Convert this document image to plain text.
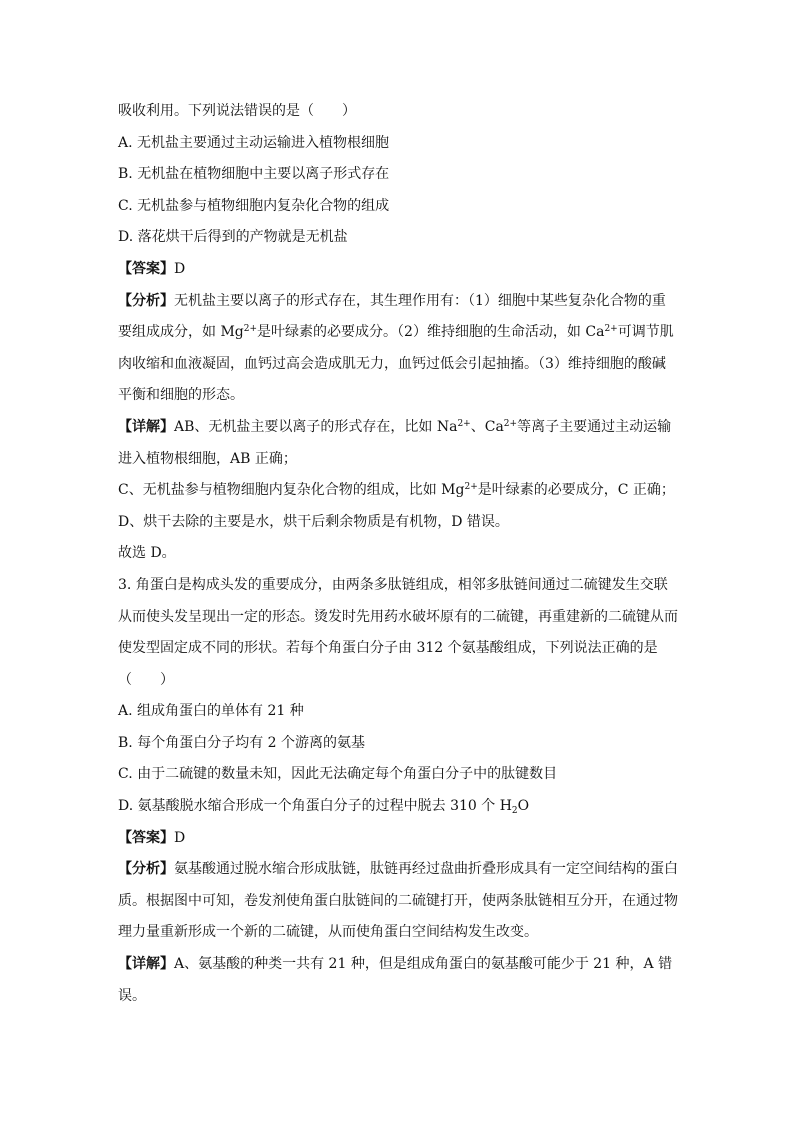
吸收利用。下列说法错误的是（　　）
A. 无机盐主要通过主动运输进入植物根细胞
B. 无机盐在植物细胞中主要以离子形式存在
C. 无机盐参与植物细胞内复杂化合物的组成
D. 落花烘干后得到的产物就是无机盐
【答案】D
【分析】无机盐主要以离子的形式存在，其生理作用有：（1）细胞中某些复杂化合物的重要组成成分，如 $Mg^{2+}$是叶绿素的必要成分。（2）维持细胞的生命活动，如 $Ca^{2+}$可调节肌肉收缩和血液凝固，血钙过高会造成肌无力，血钙过低会引起抽搐。（3）维持细胞的酸碱平衡和细胞的形态。
【详解】AB、无机盐主要以离子的形式存在，比如 $Na^{2+}$、$Ca^{2+}$等离子主要通过主动运输进入植物根细胞，AB 正确；
C、无机盐参与植物细胞内复杂化合物的组成，比如 $Mg^{2+}$是叶绿素的必要成分，C 正确；
D、烘干去除的主要是水，烘干后剩余物质是有机物，D 错误。
故选 D。
3. 角蛋白是构成头发的重要成分，由两条多肽链组成，相邻多肽链间通过二硫键发生交联从而使头发呈现出一定的形态。烫发时先用药水破坏原有的二硫键，再重建新的二硫键从而使发型固定成不同的形状。若每个角蛋白分子由 312 个氨基酸组成，下列说法正确的是（　　）
A. 组成角蛋白的单体有 21 种
B. 每个角蛋白分子均有 2 个游离的氨基
C. 由于二硫键的数量未知，因此无法确定每个角蛋白分子中的肽键数目
D. 氨基酸脱水缩合形成一个角蛋白分子的过程中脱去 310 个 $H_2O$
【答案】D
【分析】氨基酸通过脱水缩合形成肽链，肽链再经过盘曲折叠形成具有一定空间结构的蛋白质。根据图中可知，卷发剂使角蛋白肽链间的二硫键打开，使两条肽链相互分开，在通过物理力量重新形成一个新的二硫键，从而使角蛋白空间结构发生改变。
【详解】A、氨基酸的种类一共有 21 种，但是组成角蛋白的氨基酸可能少于 21 种，A 错误。
